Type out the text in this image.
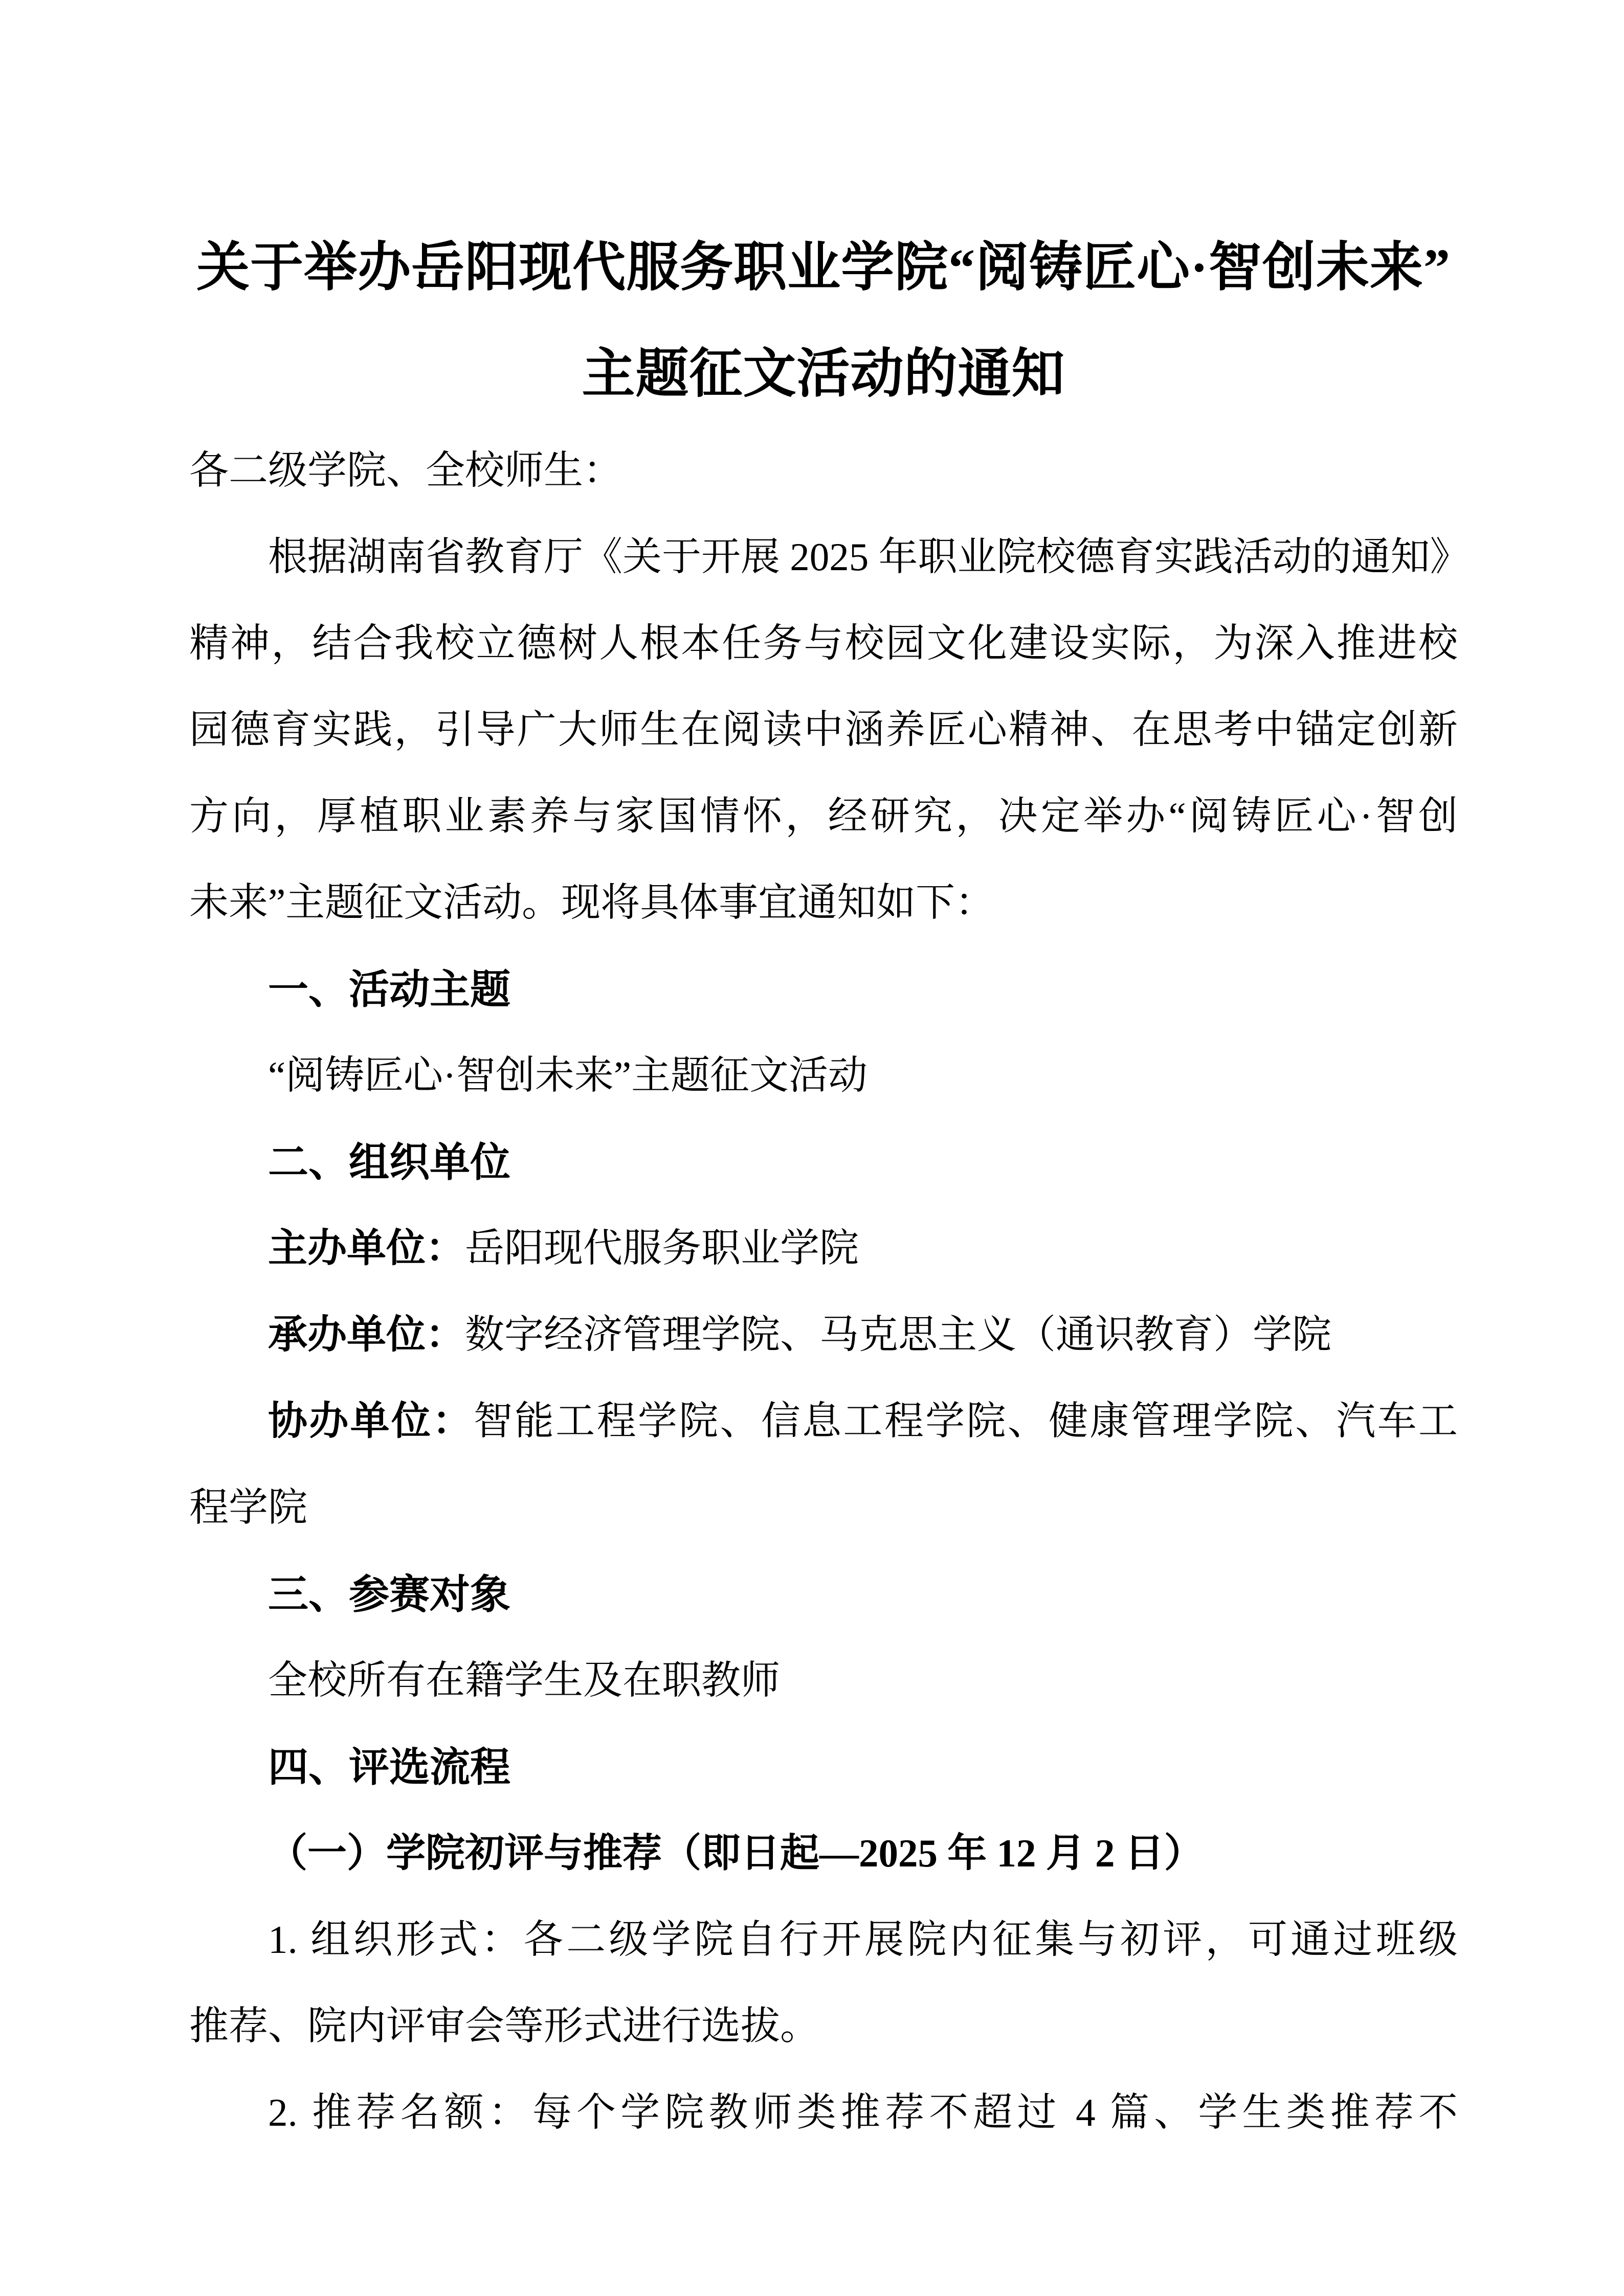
关于举办岳阳现代服务职业学院“阅铸匠心·智创未来”
主题征文活动的通知

各二级学院、全校师生：

根据湖南省教育厅《关于开展 2025 年职业院校德育实践活动的通知》

精神，结合我校立德树人根本任务与校园文化建设实际，为深入推进校

园德育实践，引导广大师生在阅读中涵养匠心精神、在思考中锚定创新

方向，厚植职业素养与家国情怀，经研究，决定举办“阅铸匠心·智创

未来”主题征文活动。现将具体事宜通知如下：

一、活动主题

“阅铸匠心·智创未来”主题征文活动

二、组织单位

主办单位：岳阳现代服务职业学院

承办单位：数字经济管理学院、马克思主义（通识教育）学院

协办单位：智能工程学院、信息工程学院、健康管理学院、汽车工

程学院

三、参赛对象

全校所有在籍学生及在职教师

四、评选流程

（一）学院初评与推荐（即日起—2025 年 12 月 2 日）

1. 组织形式：各二级学院自行开展院内征集与初评，可通过班级

推荐、院内评审会等形式进行选拔。

2. 推荐名额：每个学院教师类推荐不超过 4 篇、学生类推荐不
